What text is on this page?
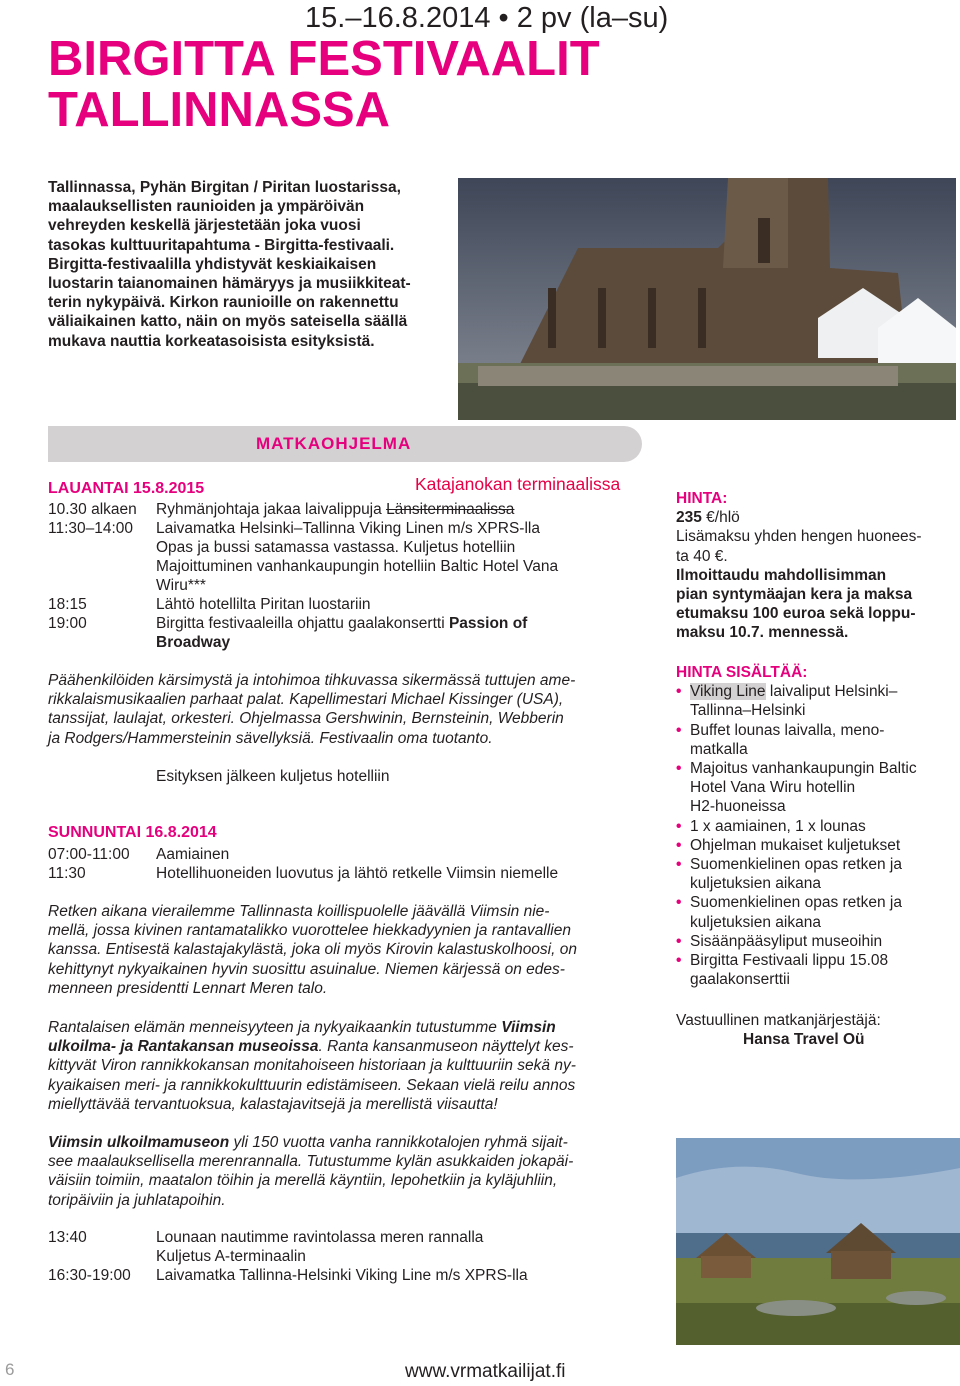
15.–16.8.2014 • 2 pv (la–su)
BIRGITTA FESTIVAALIT
TALLINNASSA
Tallinnassa, Pyhän Birgitan / Piritan luostarissa,
maalauksellisten raunioiden ja ympäröivän
vehreyden keskellä järjestetään joka vuosi
tasokas kulttuuritapahtuma - Birgitta-festivaali.
Birgitta-festivaalilla yhdistyvät keskiaikaisen
luostarin taianomainen hämäryys ja musiikkiteat-
terin nykypäivä. Kirkon raunioille on rakennettu
väliaikainen katto, näin on myös sateisella säällä
mukava nauttia korkeatasoisista esityksistä.
MATKAOHJELMA
LAUANTAI 15.8.2015	Katajanokan terminaalissa
10.30 alkaen Ryhmänjohtaja jakaa laivalippuja Länsiterminaalissa
11:30–14:00 Laivamatka Helsinki–Tallinna Viking Linen m/s XPRS-lla
Opas ja bussi satamassa vastassa. Kuljetus hotelliin
Majoittuminen vanhankaupungin hotelliin Baltic Hotel Vana
Wiru***
18:15	Lähtö hotellilta Piritan luostariin
19:00	Birgitta festivaaleilla ohjattu gaalakonsertti Passion of
Broadway
Päähenkilöiden kärsimystä ja intohimoa tihkuvassa sikermässä tuttujen ame-
rikkalaismusikaalien parhaat palat. Kapellimestari Michael Kissinger (USA),
tanssijat, laulajat, orkesteri. Ohjelmassa Gershwinin, Bernsteinin, Webberin
ja Rodgers/Hammersteinin sävellyksiä. Festivaalin oma tuotanto.
Esityksen jälkeen kuljetus hotelliin
SUNNUNTAI 16.8.2014
07:00-11:00 Aamiainen
11:30	Hotellihuoneiden luovutus ja lähtö retkelle Viimsin niemelle
Retken aikana vierailemme Tallinnasta koillispuolelle jäävällä Viimsin nie-
mellä, jossa kivinen rantamatalikko vuorottelee hiekkadyynien ja rantavallien
kanssa. Entisestä kalastajakylästä, joka oli myös Kirovin kalastuskolhoosi, on
kehittynyt nykyaikainen hyvin suosittu asuinalue. Niemen kärjessä on edes-
menneen presidentti Lennart Meren talo.
Rantalaisen elämän menneisyyteen ja nykyaikaankin tutustumme Viimsin
ulkoilma- ja Rantakansan museoissa. Ranta kansanmuseon näyttelyt kes-
kittyvät Viron rannikkokansan monitahoiseen historiaan ja kulttuuriin sekä ny-
kyaikaisen meri- ja rannikkokulttuurin edistämiseen. Sekaan vielä reilu annos
miellyttävää tervantuoksua, kalastajavitsejä ja merellistä viisautta!
Viimsin ulkoilmamuseon yli 150 vuotta vanha rannikkotalojen ryhmä sijait-
see maalauksellisella merenrannalla. Tutustumme kylän asukkaiden jokapäi-
väisiin toimiin, maatalon töihin ja merellä käyntiin, lepohetkiin ja kyläjuhliin,
toripäiviin ja juhlatapoihin.
13:40	Lounaan nautimme ravintolassa meren rannalla
Kuljetus A-terminaalin
16:30-19:00 Laivamatka Tallinna-Helsinki Viking Line m/s XPRS-lla
HINTA:
235 €/hlö
Lisämaksu yhden hengen huonees-
ta 40 €.
Ilmoittaudu mahdollisimman
pian syntymäajan kera ja maksa
etumaksu 100 euroa sekä loppu-
maksu 10.7. mennessä.
HINTA SISÄLTÄÄ:
• Viking Line laivaliput Helsinki–
Tallinna–Helsinki
• Buffet lounas laivalla, meno-
matkalla
• Majoitus vanhankaupungin Baltic
Hotel Vana Wiru hotellin
H2-huoneissa
• 1 x aamiainen, 1 x lounas
• Ohjelman mukaiset kuljetukset
• Suomenkielinen opas retken ja
kuljetuksien aikana
• Suomenkielinen opas retken ja
kuljetuksien aikana
• Sisäänpääsyliput museoihin
• Birgitta Festivaali lippu 15.08
gaalakonserttii
Vastuullinen matkanjärjestäjä:
Hansa Travel Oü
6	www.vrmatkailijat.fi
